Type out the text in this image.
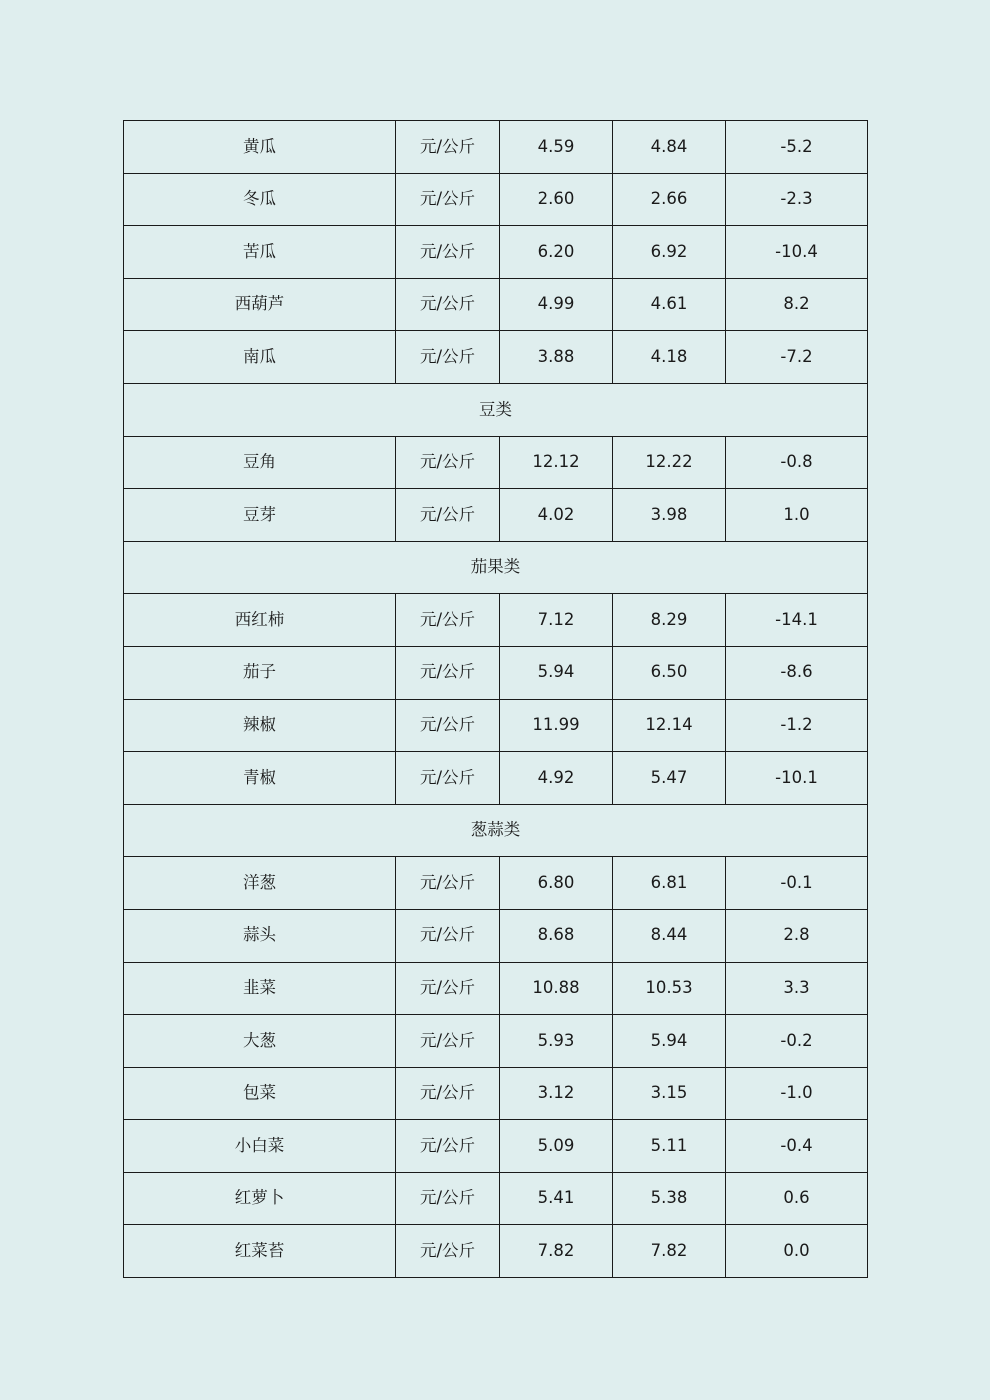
黄瓜	元/公斤	4.59	4.84	-5.2
冬瓜	元/公斤	2.60	2.66	-2.3
苦瓜	元/公斤	6.20	6.92	-10.4
西葫芦	元/公斤	4.99	4.61	8.2
南瓜	元/公斤	3.88	4.18	-7.2
豆类				
豆角	元/公斤	12.12	12.22	-0.8
豆芽	元/公斤	4.02	3.98	1.0
茄果类				
西红柿	元/公斤	7.12	8.29	-14.1
茄子	元/公斤	5.94	6.50	-8.6
辣椒	元/公斤	11.99	12.14	-1.2
青椒	元/公斤	4.92	5.47	-10.1
葱蒜类				
洋葱	元/公斤	6.80	6.81	-0.1
蒜头	元/公斤	8.68	8.44	2.8
韭菜	元/公斤	10.88	10.53	3.3
大葱	元/公斤	5.93	5.94	-0.2
包菜	元/公斤	3.12	3.15	-1.0
小白菜	元/公斤	5.09	5.11	-0.4
红萝卜	元/公斤	5.41	5.38	0.6
红菜苔	元/公斤	7.82	7.82	0.0
